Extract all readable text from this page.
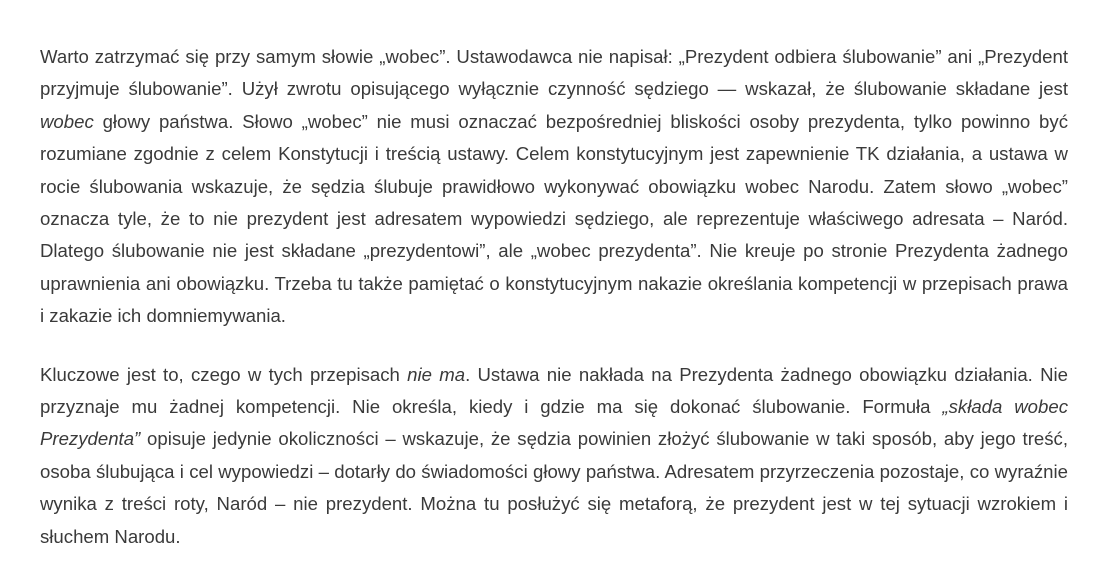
Warto zatrzymać się przy samym słowie „wobec”. Ustawodawca nie napisał: „Prezydent odbiera ślubowanie” ani „Prezydent przyjmuje ślubowanie”. Użył zwrotu opisującego wyłącznie czynność sędziego — wskazał, że ślubowanie składane jest wobec głowy państwa. Słowo „wobec” nie musi oznaczać bezpośredniej bliskości osoby prezydenta, tylko powinno być rozumiane zgodnie z celem Konstytucji i treścią ustawy. Celem konstytucyjnym jest zapewnienie TK działania, a ustawa w rocie ślubowania wskazuje, że sędzia ślubuje prawidłowo wykonywać obowiązku wobec Narodu. Zatem słowo „wobec” oznacza tyle, że to nie prezydent jest adresatem wypowiedzi sędziego, ale reprezentuje właściwego adresata – Naród. Dlatego ślubowanie nie jest składane „prezydentowi”, ale „wobec prezydenta”. Nie kreuje po stronie Prezydenta żadnego uprawnienia ani obowiązku. Trzeba tu także pamiętać o konstytucyjnym nakazie określania kompetencji w przepisach prawa i zakazie ich domniemywania.

Kluczowe jest to, czego w tych przepisach nie ma. Ustawa nie nakłada na Prezydenta żadnego obowiązku działania. Nie przyznaje mu żadnej kompetencji. Nie określa, kiedy i gdzie ma się dokonać ślubowanie. Formuła „składa wobec Prezydenta” opisuje jedynie okoliczności – wskazuje, że sędzia powinien złożyć ślubowanie w taki sposób, aby jego treść, osoba ślubująca i cel wypowiedzi – dotarły do świadomości głowy państwa. Adresatem przyrzeczenia pozostaje, co wyraźnie wynika z treści roty, Naród – nie prezydent. Można tu posłużyć się metaforą, że prezydent jest w tej sytuacji wzrokiem i słuchem Narodu.
